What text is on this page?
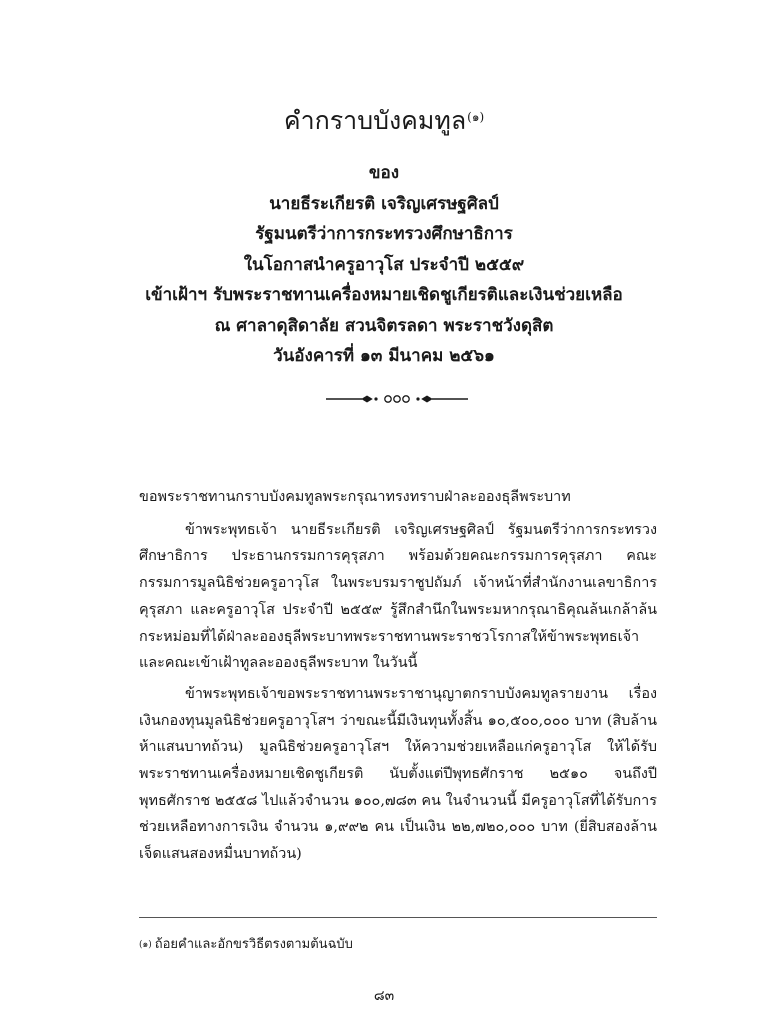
คำกราบบังคมทูล$^{(๑)}$
ของ
นายธีระเกียรติ เจริญเศรษฐศิลป์
รัฐมนตรีว่าการกระทรวงศึกษาธิการ
ในโอกาสนำครูอาวุโส ประจำปี ๒๕๕๙
เข้าเฝ้าฯ รับพระราชทานเครื่องหมายเชิดชูเกียรติและเงินช่วยเหลือ
ณ ศาลาดุสิดาลัย สวนจิตรลดา พระราชวังดุสิต
วันอังคารที่ ๑๓ มีนาคม ๒๕๖๑

ขอพระราชทานกราบบังคมทูลพระกรุณาทรงทราบฝ่าละอองธุลีพระบาท

ข้าพระพุทธเจ้า นายธีระเกียรติ เจริญเศรษฐศิลป์ รัฐมนตรีว่าการกระทรวงศึกษาธิการ ประธานกรรมการคุรุสภา พร้อมด้วยคณะกรรมการคุรุสภา คณะกรรมการมูลนิธิช่วยครูอาวุโส ในพระบรมราชูปถัมภ์ เจ้าหน้าที่สำนักงานเลขาธิการคุรุสภา และครูอาวุโส ประจำปี ๒๕๕๙ รู้สึกสำนึกในพระมหากรุณาธิคุณล้นเกล้าล้นกระหม่อมที่ได้ฝ่าละอองธุลีพระบาทพระราชทานพระราชวโรกาสให้ข้าพระพุทธเจ้าและคณะเข้าเฝ้าทูลละอองธุลีพระบาท ในวันนี้

ข้าพระพุทธเจ้าขอพระราชทานพระราชานุญาตกราบบังคมทูลรายงาน เรื่องเงินกองทุนมูลนิธิช่วยครูอาวุโสฯ ว่าขณะนี้มีเงินทุนทั้งสิ้น ๑๐,๕๐๐,๐๐๐ บาท (สิบล้านห้าแสนบาทถ้วน) มูลนิธิช่วยครูอาวุโสฯ ให้ความช่วยเหลือแก่ครูอาวุโส ให้ได้รับพระราชทานเครื่องหมายเชิดชูเกียรติ นับตั้งแต่ปีพุทธศักราช ๒๕๑๐ จนถึงปีพุทธศักราช ๒๕๕๘ ไปแล้วจำนวน ๑๐๐,๗๘๓ คน ในจำนวนนี้ มีครูอาวุโสที่ได้รับการช่วยเหลือทางการเงิน จำนวน ๑,๙๙๒ คน เป็นเงิน ๒๒,๗๒๐,๐๐๐ บาท (ยี่สิบสองล้านเจ็ดแสนสองหมื่นบาทถ้วน)

$^{(๑)}$ ถ้อยคำและอักขรวิธีตรงตามต้นฉบับ
๘๓
